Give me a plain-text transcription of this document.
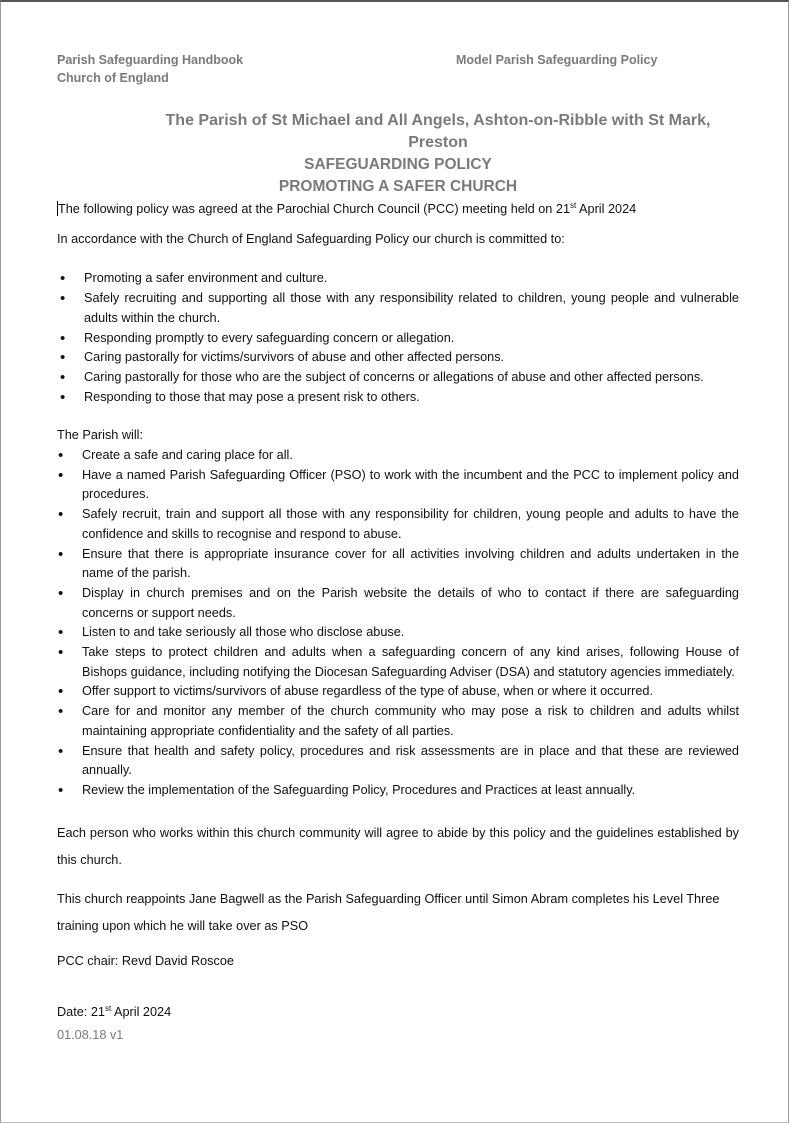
Parish Safeguarding Handbook
Church of England
Model Parish Safeguarding Policy
The Parish of St Michael and All Angels, Ashton-on-Ribble with St Mark, Preston
SAFEGUARDING POLICY
PROMOTING A SAFER CHURCH

The following policy was agreed at the Parochial Church Council (PCC) meeting held on 21st April 2024

In accordance with the Church of England Safeguarding Policy our church is committed to:

• Promoting a safer environment and culture.
• Safely recruiting and supporting all those with any responsibility related to children, young people and vulnerable adults within the church.
• Responding promptly to every safeguarding concern or allegation.
• Caring pastorally for victims/survivors of abuse and other affected persons.
• Caring pastorally for those who are the subject of concerns or allegations of abuse and other affected persons.
• Responding to those that may pose a present risk to others.

The Parish will:

• Create a safe and caring place for all.
• Have a named Parish Safeguarding Officer (PSO) to work with the incumbent and the PCC to implement policy and procedures.
• Safely recruit, train and support all those with any responsibility for children, young people and adults to have the confidence and skills to recognise and respond to abuse.
• Ensure that there is appropriate insurance cover for all activities involving children and adults undertaken in the name of the parish.
• Display in church premises and on the Parish website the details of who to contact if there are safeguarding concerns or support needs.
• Listen to and take seriously all those who disclose abuse.
• Take steps to protect children and adults when a safeguarding concern of any kind arises, following House of Bishops guidance, including notifying the Diocesan Safeguarding Adviser (DSA) and statutory agencies immediately.
• Offer support to victims/survivors of abuse regardless of the type of abuse, when or where it occurred.
• Care for and monitor any member of the church community who may pose a risk to children and adults whilst maintaining appropriate confidentiality and the safety of all parties.
• Ensure that health and safety policy, procedures and risk assessments are in place and that these are reviewed annually.
• Review the implementation of the Safeguarding Policy, Procedures and Practices at least annually.

Each person who works within this church community will agree to abide by this policy and the guidelines established by this church.

This church reappoints Jane Bagwell as the Parish Safeguarding Officer until Simon Abram completes his Level Three training upon which he will take over as PSO

PCC chair: Revd David Roscoe

Date: 21st April 2024

01.08.18 v1
